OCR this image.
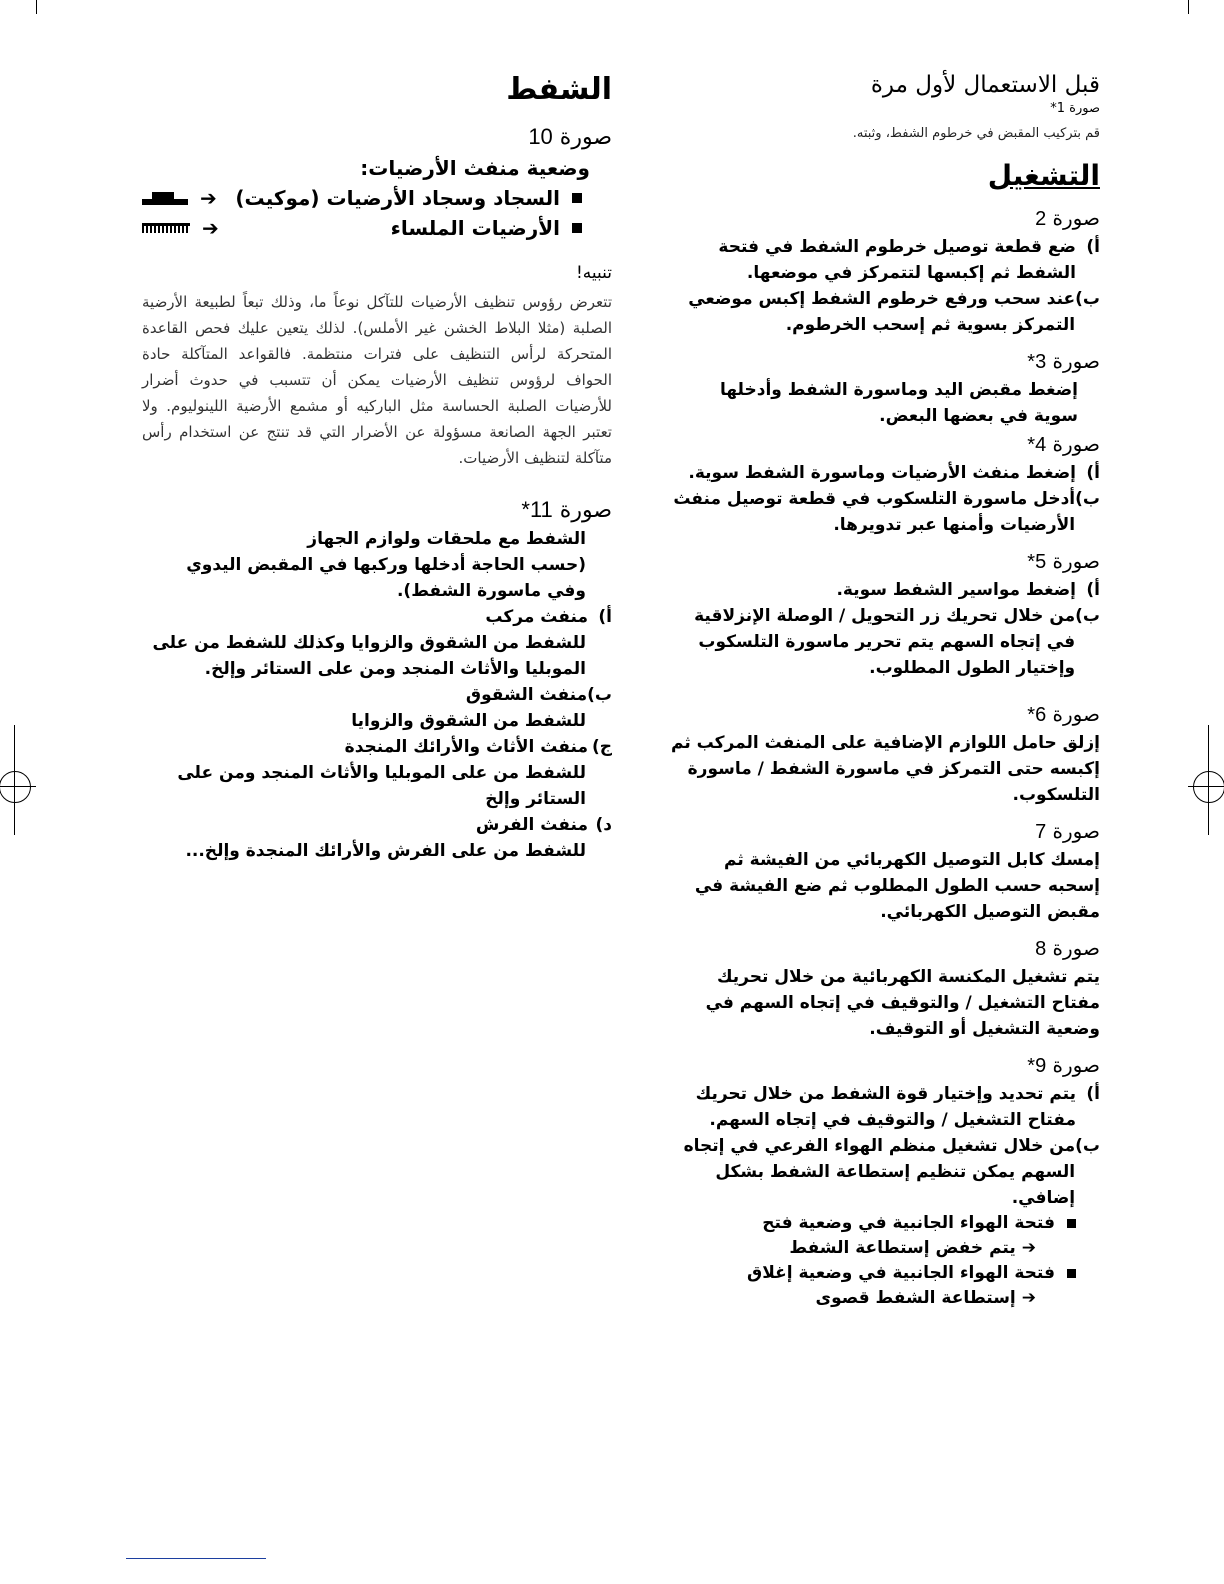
قبل الاستعمال لأول مرة

صورة 1*

قم بتركيب المقبض في خرطوم الشفط، وثبته.

التشغيل

صورة 2

أ)
ضع قطعة توصيل خرطوم الشفط في فتحة الشفط ثم إكبسها لتتمركز في موضعها.
ب)
عند سحب ورفع خرطوم الشفط إكبس موضعي التمركز بسوية ثم إسحب الخرطوم.

صورة 3*

إضغط مقبض اليد وماسورة الشفط وأدخلها سوية في بعضها البعض.

صورة 4*

أ)
إضغط منفث الأرضيات وماسورة الشفط سوية.
ب)
أدخل ماسورة التلسكوب في قطعة توصيل منفث الأرضيات وأمنها عبر تدويرها.

صورة 5*

أ)
إضغط مواسير الشفط سوية.
ب)
من خلال تحريك زر التحويل / الوصلة الإنزلاقية في إتجاه السهم يتم تحرير ماسورة التلسكوب وإختيار الطول المطلوب.

صورة 6*

إزلق حامل اللوازم الإضافية على المنفث المركب ثم إكبسه حتى التمركز في ماسورة الشفط / ماسورة التلسكوب.

صورة 7

إمسك كابل التوصيل الكهربائي من الفيشة ثم إسحبه حسب الطول المطلوب ثم ضع الفيشة في مقبض التوصيل الكهربائي.

صورة 8

يتم تشغيل المكنسة الكهربائية من خلال تحريك مفتاح التشغيل / والتوقيف في إتجاه السهم في وضعية التشغيل أو التوقيف.

صورة 9*

أ)
يتم تحديد وإختيار قوة الشفط من خلال تحريك مفتاح التشغيل / والتوقيف في إتجاه السهم.
ب)
من خلال تشغيل منظم الهواء الفرعي في إتجاه السهم يمكن تنظيم إستطاعة الشفط بشكل إضافي.
فتحة الهواء الجانبية في وضعية فتح

➔يتم خفض إستطاعة الشفط

فتحة الهواء الجانبية في وضعية إغلاق

➔إستطاعة الشفط قصوى

الشفط

صورة 10

وضعية منفث الأرضيات:

السجاد وسجاد الأرضيات (موكيت)
➔
الأرضيات الملساء
➔

تنبيه!

تتعرض رؤوس تنظيف الأرضيات للتآكل نوعاً ما، وذلك تبعاً لطبيعة الأرضية الصلبة (مثلا البلاط الخشن غير الأملس). لذلك يتعين عليك فحص القاعدة المتحركة لرأس التنظيف على فترات منتظمة. فالقواعد المتآكلة حادة الحواف لرؤوس تنظيف الأرضيات يمكن أن تتسبب في حدوث أضرار للأرضيات الصلبة الحساسة مثل الباركيه أو مشمع الأرضية اللينوليوم. ولا تعتبر الجهة الصانعة مسؤولة عن الأضرار التي قد تنتج عن استخدام رأس متآكلة لتنظيف الأرضيات.

صورة 11*

الشفط مع ملحقات ولوازم الجهاز

(حسب الحاجة أدخلها وركبها في المقبض اليدوي وفي ماسورة الشفط).

أ)
منفث مركب

للشفط من الشقوق والزوايا وكذلك للشفط من على الموبليا والأثاث المنجد ومن على الستائر وإلخ.

ب)
منفث الشقوق

للشفط من الشقوق والزوايا

ج)
منفث الأثاث والأرائك المنجدة

للشفط من على الموبليا والأثاث المنجد ومن على الستائر وإلخ

د)
منفث الفرش

للشفط من على الفرش والأرائك المنجدة وإلخ...
